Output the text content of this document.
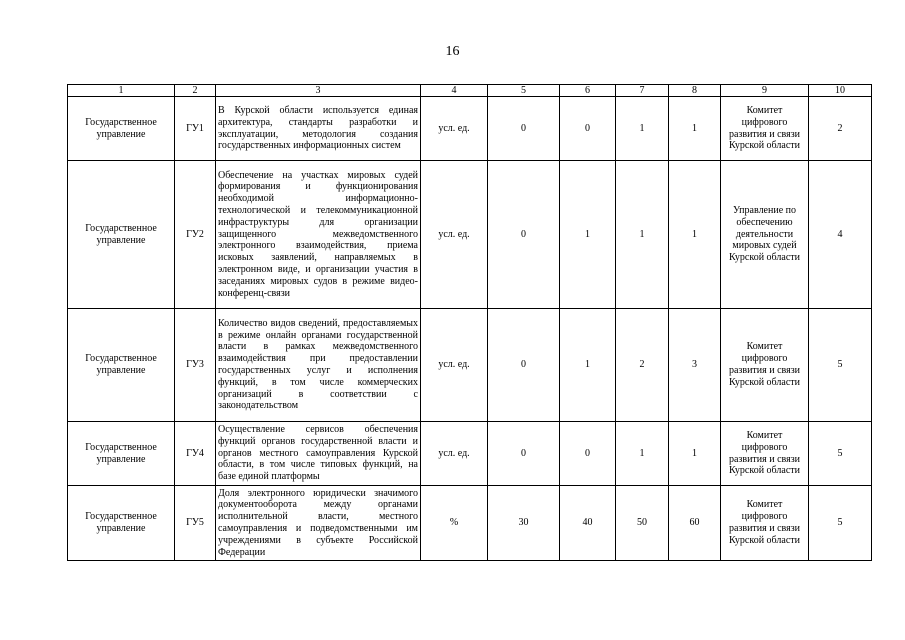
16
1	2	3	4	5	6	7	8	9	10
Государственное управление	ГУ1	В Курской области используется единая архитектура, стандарты разработки и эксплуатации, методология создания государственных информационных систем	усл. ед.	0	0	1	1	Комитет цифрового развития и связи Курской области	2
Государственное управление	ГУ2	Обеспечение на участках мировых судей формирования и функционирования необходимой информационно-технологической и телекоммуникационной инфраструктуры для организации защищенного межведомственного электронного взаимодействия, приема исковых заявлений, направляемых в электронном виде, и организации участия в заседаниях мировых судов в режиме видео-конференц-связи	усл. ед.	0	1	1	1	Управление по обеспечению деятельности мировых судей Курской области	4
Государственное управление	ГУ3	Количество видов сведений, предоставляемых в режиме онлайн органами государственной власти в рамках межведомственного взаимодействия при предоставлении государственных услуг и исполнения функций, в том числе коммерческих организаций в соответствии с законодательством	усл. ед.	0	1	2	3	Комитет цифрового развития и связи Курской области	5
Государственное управление	ГУ4	Осуществление сервисов обеспечения функций органов государственной власти и органов местного самоуправления Курской области, в том числе типовых функций, на базе единой платформы	усл. ед.	0	0	1	1	Комитет цифрового развития и связи Курской области	5
Государственное управление	ГУ5	Доля электронного юридически значимого документооборота между органами исполнительной власти, местного самоуправления и подведомственными им учреждениями в субъекте Российской Федерации	%	30	40	50	60	Комитет цифрового развития и связи Курской области	5
